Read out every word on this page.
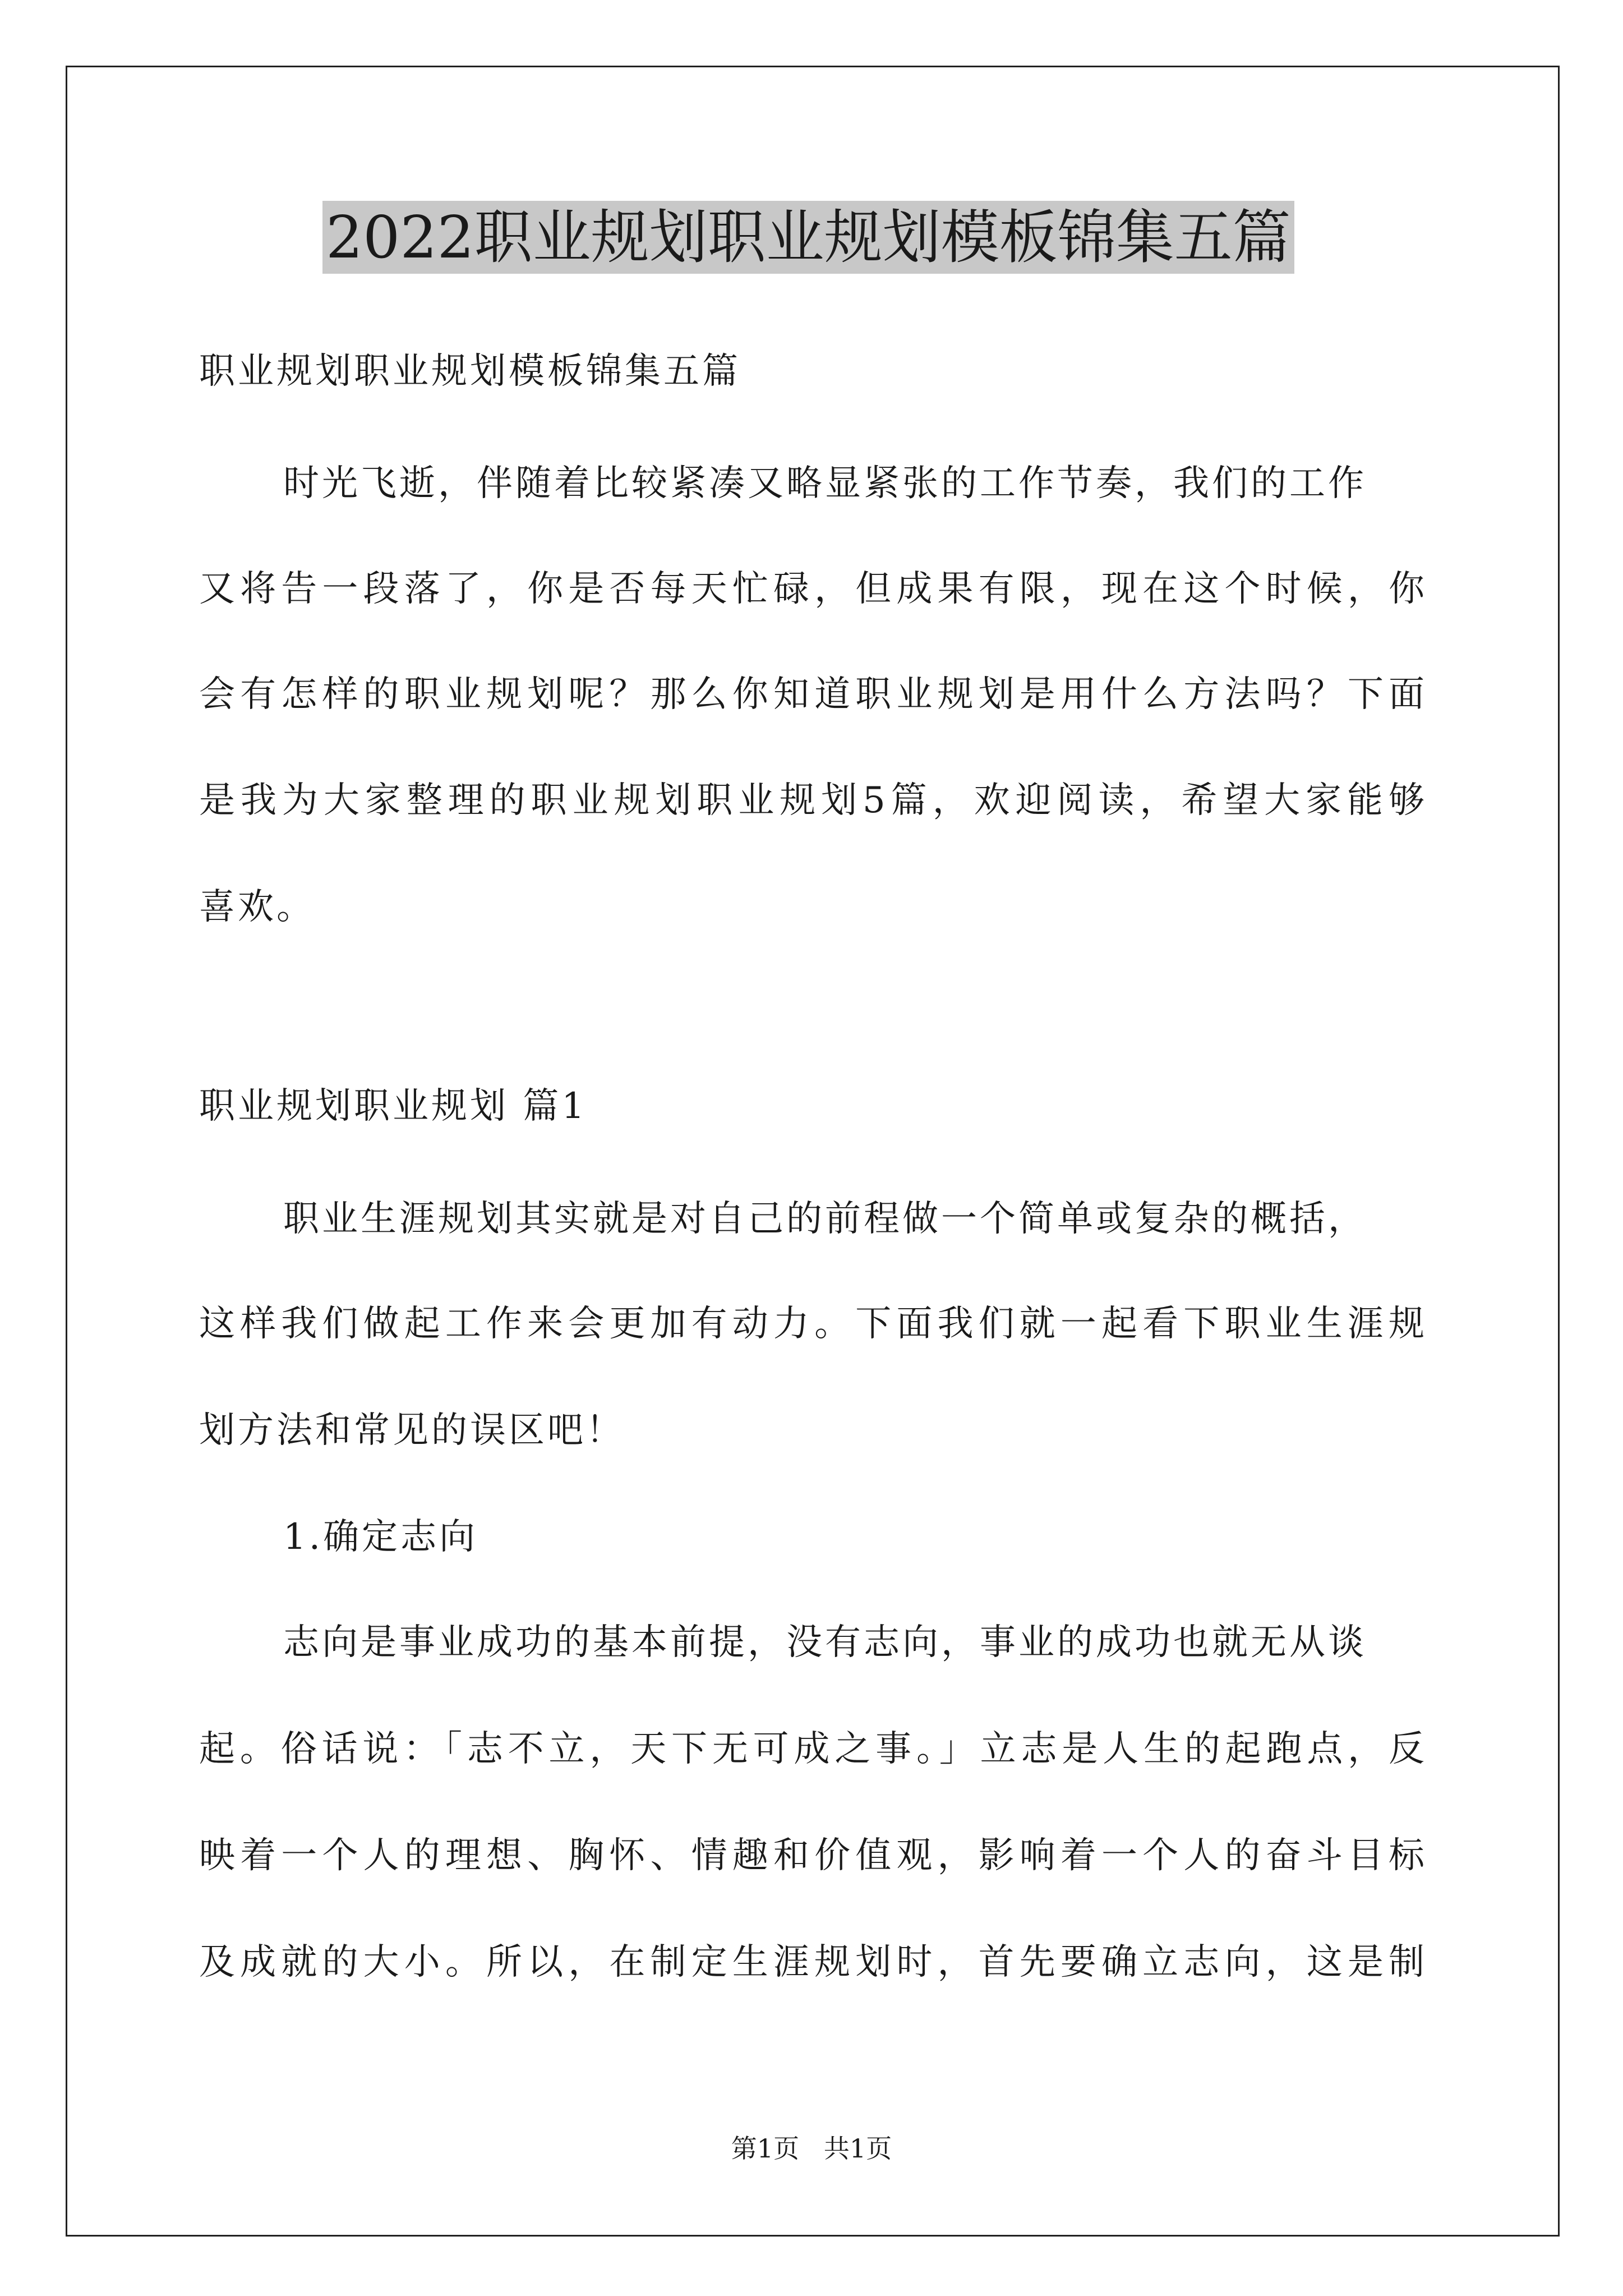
2022职业规划职业规划模板锦集五篇
职业规划职业规划模板锦集五篇
时光飞逝，伴随着比较紧凑又略显紧张的工作节奏，我们的工作
又将告一段落了，你是否每天忙碌，但成果有限，现在这个时候，你
会有怎样的职业规划呢？那么你知道职业规划是用什么方法吗？下面
是我为大家整理的职业规划职业规划5篇，欢迎阅读，希望大家能够
喜欢。
职业规划职业规划 篇1
职业生涯规划其实就是对自己的前程做一个简单或复杂的概括，
这样我们做起工作来会更加有动力。下面我们就一起看下职业生涯规
划方法和常见的误区吧！
1.确定志向
志向是事业成功的基本前提，没有志向，事业的成功也就无从谈
起。俗话说：「志不立，天下无可成之事。」立志是人生的起跑点，反
映着一个人的理想、胸怀、情趣和价值观，影响着一个人的奋斗目标
及成就的大小。所以，在制定生涯规划时，首先要确立志向，这是制
第1页   共1页
